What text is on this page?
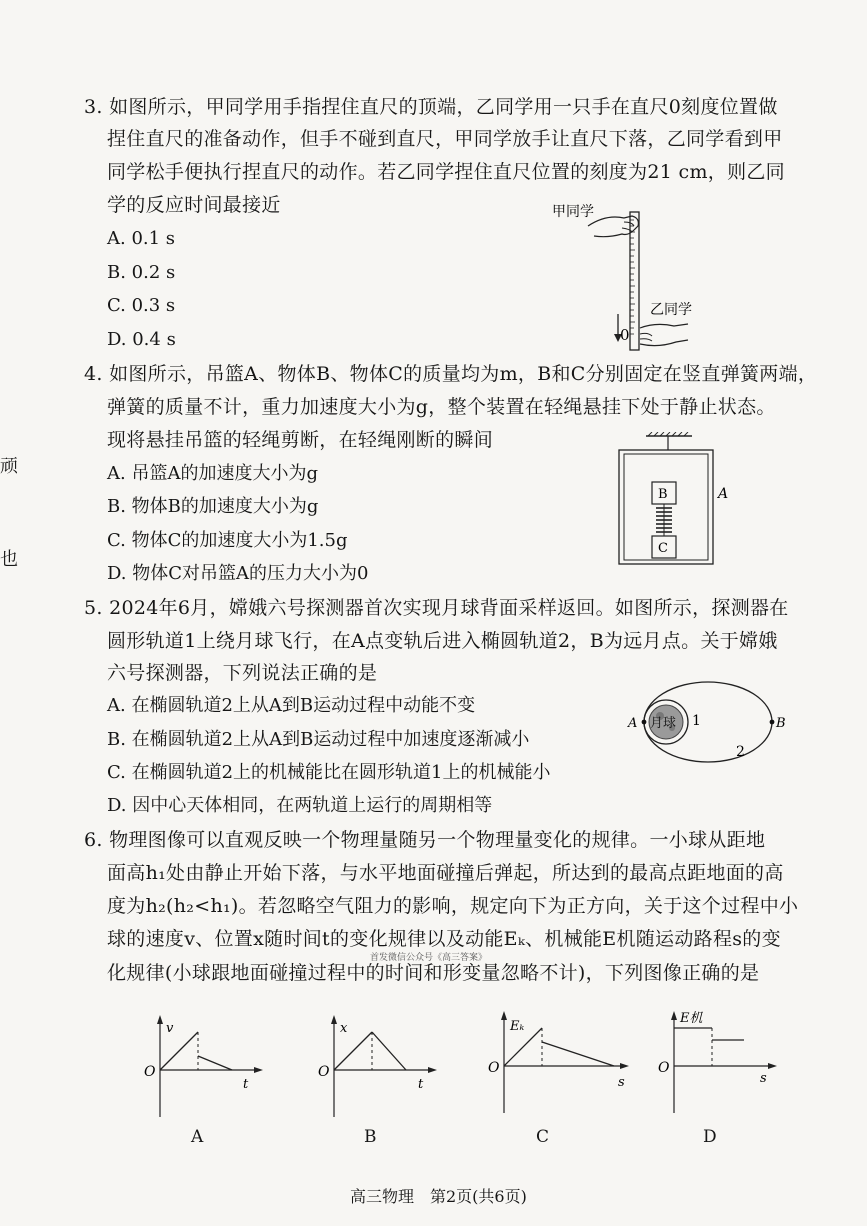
顽
也
3. 如图所示，甲同学用手指捏住直尺的顶端，乙同学用一只手在直尺0刻度位置做
捏住直尺的准备动作，但手不碰到直尺，甲同学放手让直尺下落，乙同学看到甲
同学松手便执行捏直尺的动作。若乙同学捏住直尺位置的刻度为21 cm，则乙同
学的反应时间最接近
A. 0.1 s
B. 0.2 s
C. 0.3 s
D. 0.4 s
甲同学
0
乙同学
4. 如图所示，吊篮A、物体B、物体C的质量均为m，B和C分别固定在竖直弹簧两端，
弹簧的质量不计，重力加速度大小为g，整个装置在轻绳悬挂下处于静止状态。
现将悬挂吊篮的轻绳剪断，在轻绳刚断的瞬间
A. 吊篮A的加速度大小为g
B. 物体B的加速度大小为g
C. 物体C的加速度大小为1.5g
D. 物体C对吊篮A的压力大小为0
A
B
C
5. 2024年6月，嫦娥六号探测器首次实现月球背面采样返回。如图所示，探测器在
圆形轨道1上绕月球飞行，在A点变轨后进入椭圆轨道2，B为远月点。关于嫦娥
六号探测器，下列说法正确的是
A. 在椭圆轨道2上从A到B运动过程中动能不变
B. 在椭圆轨道2上从A到B运动过程中加速度逐渐减小
C. 在椭圆轨道2上的机械能比在圆形轨道1上的机械能小
D. 因中心天体相同，在两轨道上运行的周期相等
月球
A	B
1
2
6. 物理图像可以直观反映一个物理量随另一个物理量变化的规律。一小球从距地
面高h₁处由静止开始下落，与水平地面碰撞后弹起，所达到的最高点距地面的高
度为h₂(h₂<h₁)。若忽略空气阻力的影响，规定向下为正方向，关于这个过程中小
球的速度v、位置x随时间t的变化规律以及动能Eₖ、机械能E机随运动路程s的变
化规律(小球跟地面碰撞过程中的时间和形变量忽略不计)，下列图像正确的是
首发微信公众号《高三答案》
v
t
O
A
x
t
O
B
Eₖ
s
O
C
E机
s
O
D
高三物理　第2页(共6页)
